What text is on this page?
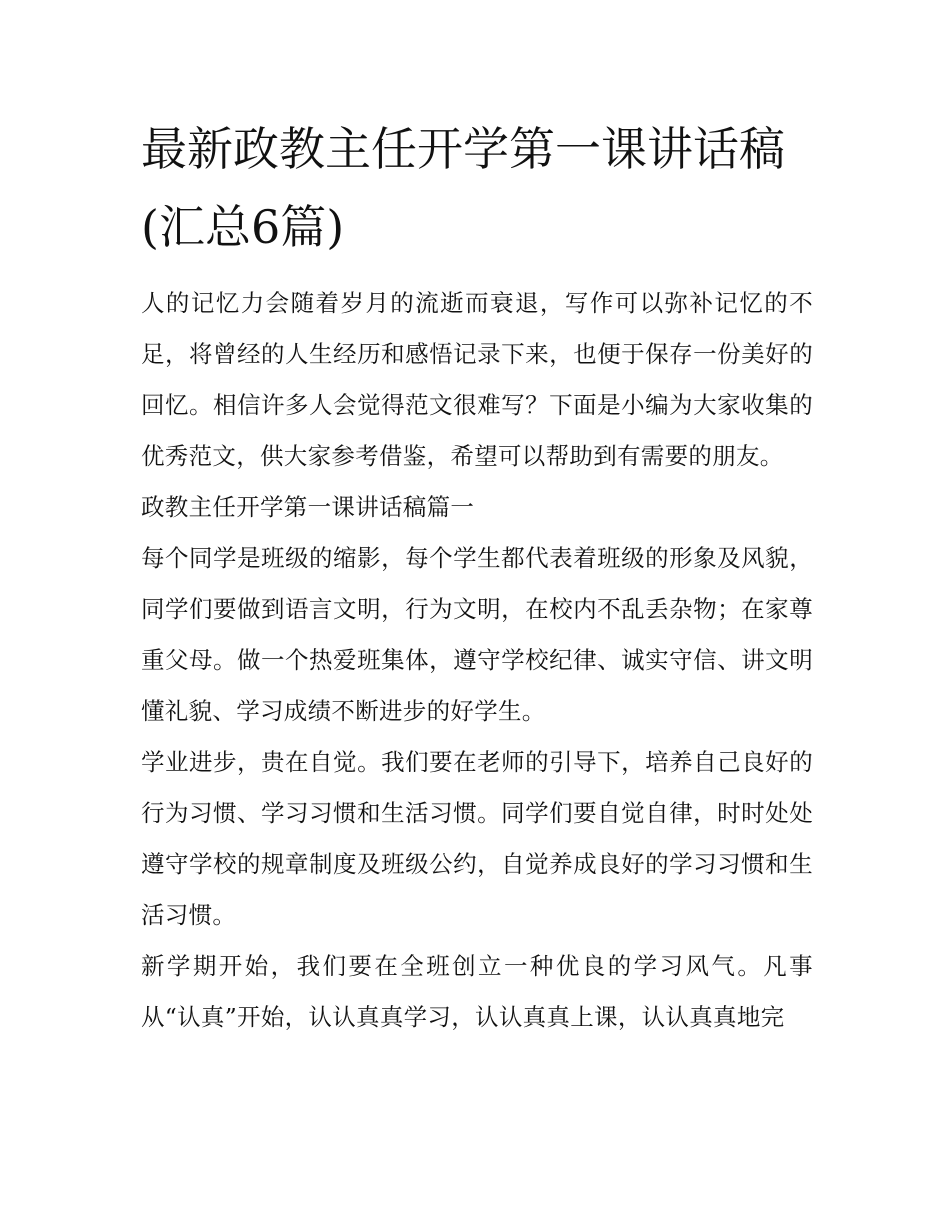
最新政教主任开学第一课讲话稿(汇总6篇)

人的记忆力会随着岁月的流逝而衰退，写作可以弥补记忆的不足，将曾经的人生经历和感悟记录下来，也便于保存一份美好的回忆。相信许多人会觉得范文很难写？下面是小编为大家收集的优秀范文，供大家参考借鉴，希望可以帮助到有需要的朋友。

政教主任开学第一课讲话稿篇一

每个同学是班级的缩影，每个学生都代表着班级的形象及风貌，同学们要做到语言文明，行为文明，在校内不乱丢杂物；在家尊重父母。做一个热爱班集体，遵守学校纪律、诚实守信、讲文明懂礼貌、学习成绩不断进步的好学生。

学业进步，贵在自觉。我们要在老师的引导下，培养自己良好的行为习惯、学习习惯和生活习惯。同学们要自觉自律，时时处处遵守学校的规章制度及班级公约，自觉养成良好的学习习惯和生活习惯。

新学期开始，我们要在全班创立一种优良的学习风气。凡事从“认真”开始，认认真真学习，认认真真上课，认认真真地完
